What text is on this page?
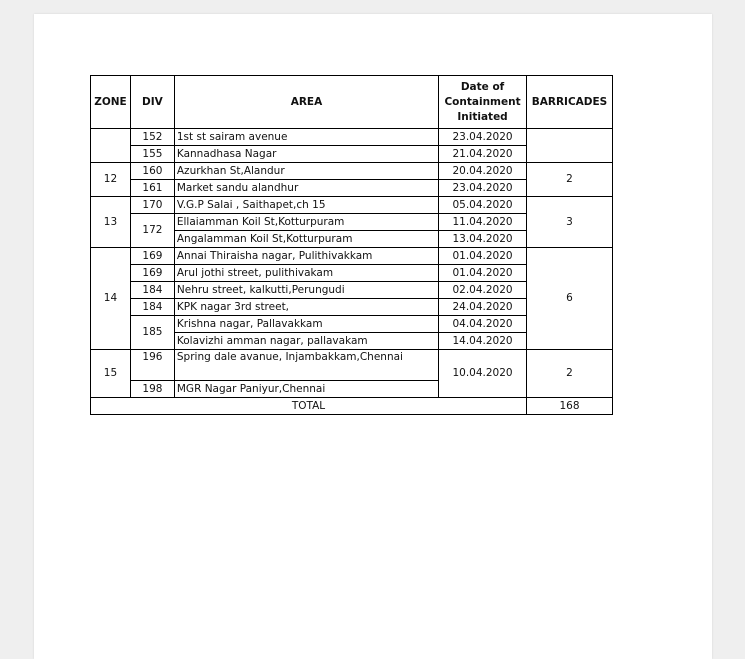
ZONE	DIV	AREA	Date of Containment Initiated	BARRICADES
	152	1st st sairam avenue	23.04.2020	
	155	Kannadhasa Nagar	21.04.2020	
12	160	Azurkhan St,Alandur	20.04.2020	2
	161	Market sandu alandhur	23.04.2020	
13	170	V.G.P Salai , Saithapet,ch 15	05.04.2020	3
	172	Ellaiamman Koil St,Kotturpuram	11.04.2020	
		Angalamman Koil St,Kotturpuram	13.04.2020	
14	169	Annai Thiraisha nagar, Pulithivakkam	01.04.2020	6
	169	Arul jothi street, pulithivakam	01.04.2020	
	184	Nehru street, kalkutti,Perungudi	02.04.2020	
	184	KPK nagar 3rd street,	24.04.2020	
	185	Krishna nagar, Pallavakkam	04.04.2020	
		Kolavizhi amman nagar, pallavakam	14.04.2020	
15	196	Spring dale avanue, Injambakkam,Chennai	10.04.2020	2
	198	MGR Nagar Paniyur,Chennai		
TOTAL				168
